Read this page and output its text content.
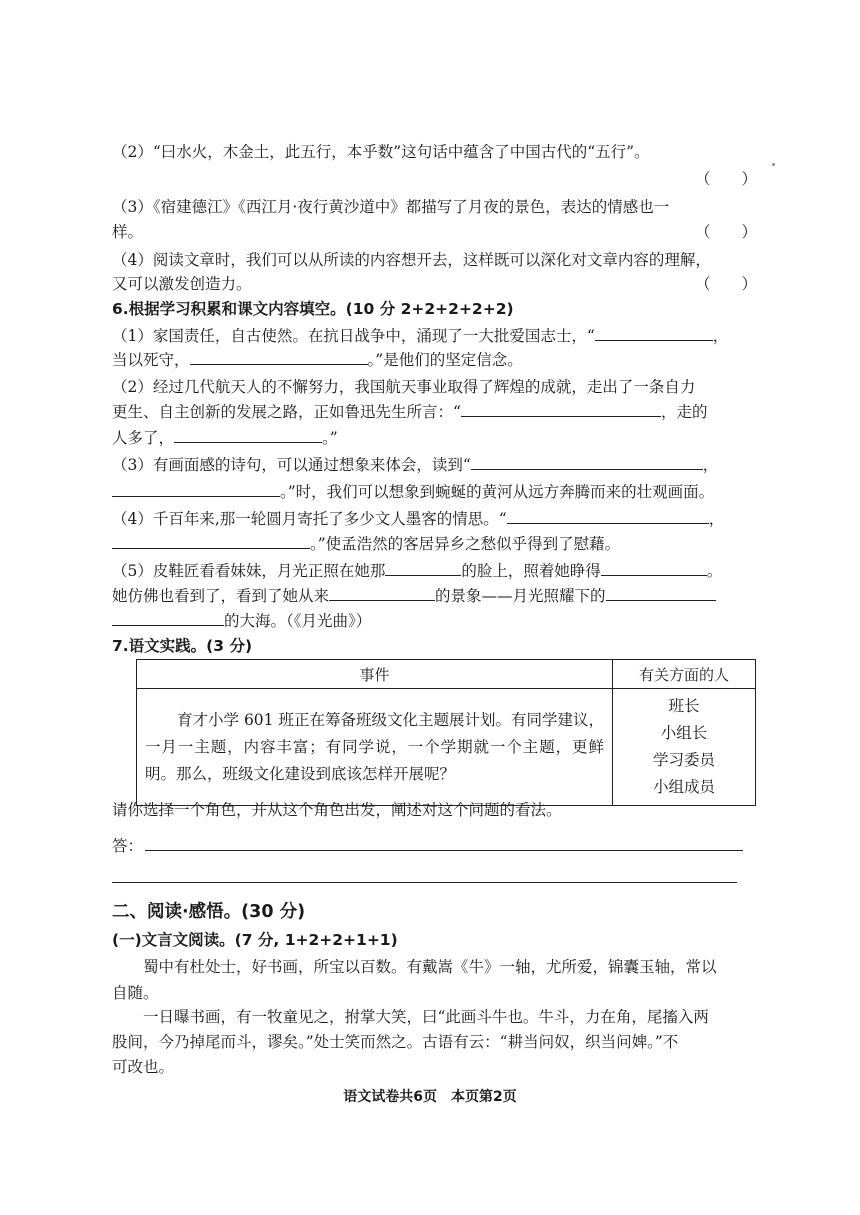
（2）“曰水火，木金土，此五行，本乎数”这句话中蕴含了中国古代的“五行”。
（　　）
（3）《宿建德江》《西江月·夜行黄沙道中》都描写了月夜的景色，表达的情感也一
样。	（　　）
（4）阅读文章时，我们可以从所读的内容想开去，这样既可以深化对文章内容的理解，
又可以激发创造力。	（　　）
6.根据学习积累和课文内容填空。(10 分 2+2+2+2+2)
（1）家国责任，自古使然。在抗日战争中，涌现了一大批爱国志士，“	，
当以死守，	。”是他们的坚定信念。
（2）经过几代航天人的不懈努力，我国航天事业取得了辉煌的成就，走出了一条自力
更生、自主创新的发展之路，正如鲁迅先生所言：“	，走的
人多了，	。”
（3）有画面感的诗句，可以通过想象来体会，读到“	，
。”时，我们可以想象到蜿蜒的黄河从远方奔腾而来的壮观画面。
（4）千百年来,那一轮圆月寄托了多少文人墨客的情思。“	，
。”使孟浩然的客居异乡之愁似乎得到了慰藉。
（5）皮鞋匠看看妹妹，月光正照在她那	的脸上，照着她睁得	。
她仿佛也看到了，看到了她从来	的景象——月光照耀下的
的大海。（《月光曲》）
7.语文实践。(3 分)
事件	有关方面的人
育才小学 601 班正在筹备班级文化主题展计划。有同学建议，一月一主题，内容丰富；有同学说，一个学期就一个主题，更鲜明。那么，班级文化建设到底该怎样开展呢？	班长
小组长
学习委员
小组成员
请你选择一个角色，并从这个角色出发，阐述对这个问题的看法。
答：
二、阅读·感悟。(30 分)
(一)文言文阅读。(7 分, 1+2+2+1+1)
蜀中有杜处士，好书画，所宝以百数。有戴嵩《牛》一轴，尤所爱，锦囊玉轴，常以
自随。
一日曝书画，有一牧童见之，拊掌大笑，曰“此画斗牛也。牛斗，力在角，尾搐入两
股间，今乃掉尾而斗，谬矣。”处士笑而然之。古语有云：“耕当问奴，织当问婢。”不
可改也。
语文试卷共6页　本页第2页
